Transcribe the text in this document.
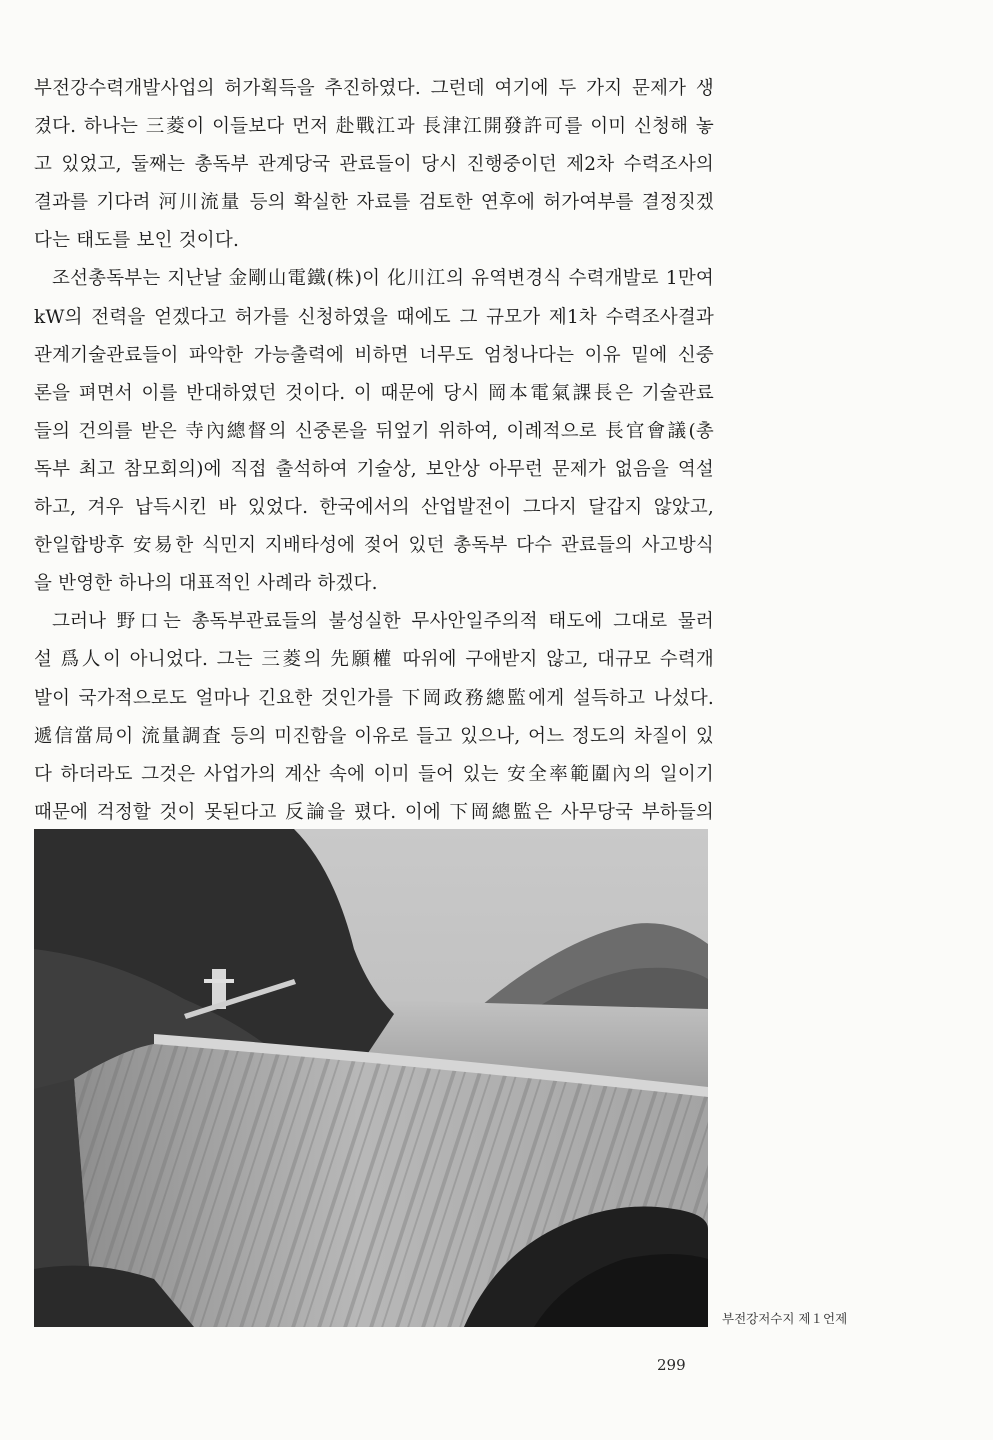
부전강수력개발사업의 허가획득을 추진하였다. 그런데 여기에 두 가지 문제가 생
겼다. 하나는 三菱이 이들보다 먼저 赴戰江과 長津江開發許可를 이미 신청해 놓
고 있었고, 둘째는 총독부 관계당국 관료들이 당시 진행중이던 제2차 수력조사의
결과를 기다려 河川流量 등의 확실한 자료를 검토한 연후에 허가여부를 결정짓겠
다는 태도를 보인 것이다.
조선총독부는 지난날 金剛山電鐵(株)이 化川江의 유역변경식 수력개발로 1만여
kW의 전력을 얻겠다고 허가를 신청하였을 때에도 그 규모가 제1차 수력조사결과
관계기술관료들이 파악한 가능출력에 비하면 너무도 엄청나다는 이유 밑에 신중
론을 펴면서 이를 반대하였던 것이다. 이 때문에 당시 岡本電氣課長은 기술관료
들의 건의를 받은 寺內總督의 신중론을 뒤엎기 위하여, 이례적으로 長官會議(총
독부 최고 참모회의)에 직접 출석하여 기술상, 보안상 아무런 문제가 없음을 역설
하고, 겨우 납득시킨 바 있었다. 한국에서의 산업발전이 그다지 달갑지 않았고,
한일합방후 安易한 식민지 지배타성에 젖어 있던 총독부 다수 관료들의 사고방식
을 반영한 하나의 대표적인 사례라 하겠다.
그러나 野口는 총독부관료들의 불성실한 무사안일주의적 태도에 그대로 물러
설 爲人이 아니었다. 그는 三菱의 先願權 따위에 구애받지 않고, 대규모 수력개
발이 국가적으로도 얼마나 긴요한 것인가를 下岡政務總監에게 설득하고 나섰다.
遞信當局이 流量調査 등의 미진함을 이유로 들고 있으나, 어느 정도의 차질이 있
다 하더라도 그것은 사업가의 계산 속에 이미 들어 있는 安全率範圍內의 일이기
때문에 걱정할 것이 못된다고 反論을 폈다. 이에 下岡總監은 사무당국 부하들의
부전강저수지 제１언제
299
